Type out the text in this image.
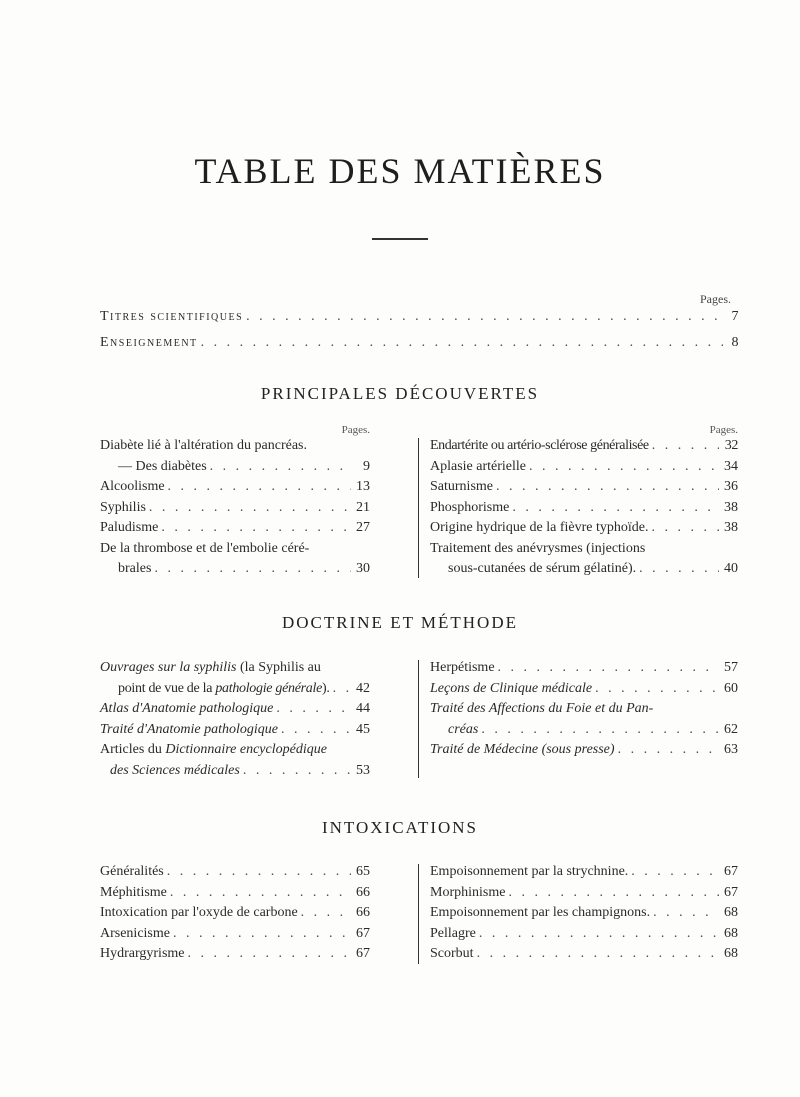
TABLE DES MATIÈRES
Pages.
Titres scientifiques . . .	7
Enseignement . . .	8
PRINCIPALES DÉCOUVERTES
Pages.
Diabète lié à l'altération du pancréas.
— Des diabètes . . .	9
Alcoolisme . . .	13
Syphilis . . .	21
Paludisme . . .	27
De la thrombose et de l'embolie céré-
brales . . .	30
Pages.
Endartérite ou artério-sclérose généralisée . . .	32
Aplasie artérielle . . .	34
Saturnisme . . .	36
Phosphorisme . . .	38
Origine hydrique de la fièvre typhoïde. . . .	38
Traitement des anévrysmes (injections
sous-cutanées de sérum gélatiné). . . .	40
DOCTRINE ET MÉTHODE
Ouvrages sur la syphilis (la Syphilis au
point de vue de la pathologie générale). . . . 42
Atlas d'Anatomie pathologique . . .	44
Traité d'Anatomie pathologique . . .	45
Articles du Dictionnaire encyclopédique
des Sciences médicales . . .	53
Herpétisme . . .	57
Leçons de Clinique médicale . . .	60
Traité des Affections du Foie et du Pan-
créas . . .	62
Traité de Médecine (sous presse) . . .	63
INTOXICATIONS
Généralités . . .	65
Méphitisme . . .	66
Intoxication par l'oxyde de carbone . . .	66
Arsenicisme . . .	67
Hydrargyrisme . . .	67
Empoisonnement par la strychnine. . . .	67
Morphinisme . . .	67
Empoisonnement par les champignons. . . .	68
Pellagre . . .	68
Scorbut . . .	68
